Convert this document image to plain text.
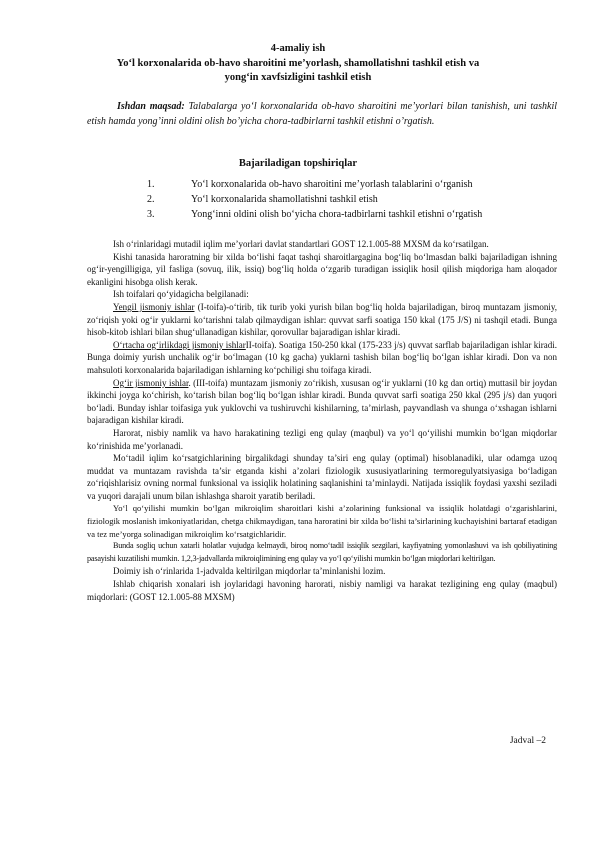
4-amaliy ish
Yo‘l korxonalarida ob-havo sharoitini me’yorlash, shamollatishni tashkil etish va
yong‘in xavfsizligini tashkil etish
Ishdan maqsad: Talabalarga yo‘l korxonalarida ob-havo sharoitini me’yorlari bilan tanishish, uni tashkil etish hamda yong’inni oldini olish bo’yicha chora-tadbirlarni tashkil etishni o’rgatish.
Bajariladigan topshiriqlar
1.	Yo‘l korxonalarida ob-havo sharoitini me’yorlash talablarini o‘rganish
2.	Yo‘l korxonalarida shamollatishni tashkil etish
3.	Yong‘inni oldini olish bo‘yicha chora-tadbirlarni tashkil etishni o‘rgatish

Ish o‘rinlaridagi mutadil iqlim me’yorlari davlat standartlari GOST 12.1.005-88 MXSM da ko‘rsatilgan.

Kishi tanasida haroratning bir xilda bo‘lishi faqat tashqi sharoitlargagina bog‘liq bo‘lmasdan balki bajariladigan ishning og‘ir-yengilligiga, yil fasliga (sovuq, ilik, issiq) bog‘liq holda o‘zgarib turadigan issiqlik hosil qilish miqdoriga ham aloqador ekanligini hisobga olish kerak.

Ish toifalari qo‘yidagicha belgilanadi:

Yengil jismoniy ishlar (I-toifa)-o‘tirib, tik turib yoki yurish bilan bog‘liq holda bajariladigan, biroq muntazam jismoniy, zo‘riqish yoki og‘ir yuklarni ko‘tarishni talab qilmaydigan ishlar: quvvat sarfi soatiga 150 kkal (175 J/S) ni tashqil etadi. Bunga hisob-kitob ishlari bilan shug‘ullanadigan kishilar, qorovullar bajaradigan ishlar kiradi.

O‘rtacha og‘irlikdagi jismoniy ishlarII-toifa). Soatiga 150-250 kkal (175-233 j/s) quvvat sarflab bajariladigan ishlar kiradi. Bunga doimiy yurish unchalik og‘ir bo‘lmagan (10 kg gacha) yuklarni tashish bilan bog‘liq bo‘lgan ishlar kiradi. Don va non mahsuloti korxonalarida bajariladigan ishlarning ko‘pchiligi shu toifaga kiradi.

Og‘ir jismoniy ishlar. (III-toifa) muntazam jismoniy zo‘rikish, xususan og‘ir yuklarni (10 kg dan ortiq) muttasil bir joydan ikkinchi joyga ko‘chirish, ko‘tarish bilan bog‘liq bo‘lgan ishlar kiradi. Bunda quvvat sarfi soatiga 250 kkal (295 j/s) dan yuqori bo‘ladi. Bunday ishlar toifasiga yuk yuklovchi va tushiruvchi kishilarning, ta’mirlash, payvandlash va shunga o‘xshagan ishlarni bajaradigan kishilar kiradi.

Harorat, nisbiy namlik va havo harakatining tezligi eng qulay (maqbul) va yo‘l qo‘yilishi mumkin bo‘lgan miqdorlar ko‘rinishida me’yorlanadi.

Mo‘tadil iqlim ko‘rsatgichlarining birgalikdagi shunday ta’siri eng qulay (optimal) hisoblanadiki, ular odamga uzoq muddat va muntazam ravishda ta’sir etganda kishi a’zolari fiziologik xususiyatlarining termoregulyatsiyasiga bo‘ladigan zo‘riqishlarisiz ovning normal funksional va issiqlik holatining saqlanishini ta’minlaydi. Natijada issiqlik foydasi yaxshi seziladi va yuqori darajali unum bilan ishlashga sharoit yaratib beriladi.

Yo‘l qo‘yilishi mumkin bo‘lgan mikroiqlim sharoitlari kishi a’zolarining funksional va issiqlik holatdagi o‘zgarishlarini, fiziologik moslanish imkoniyatlaridan, chetga chikmaydigan, tana haroratini bir xilda bo‘lishi ta’sirlarining kuchayishini bartaraf etadigan va tez me’yorga solinadigan mikroiqlim ko‘rsatgichlaridir.

Bunda sogliq uchun xatarli holatlar vujudga kelmaydi, biroq nomo‘tadil issiqlik sezgilari, kayfiyatning yomonlashuvi va ish qobiliyatining pasayishi kuzatilishi mumkin. 1,2,3-jadvallarda mikroiqlimining eng qulay va yo‘l qo‘yilishi mumkin bo‘lgan miqdorlari keltirilgan.

Doimiy ish o‘rinlarida 1-jadvalda keltirilgan miqdorlar ta’minlanishi lozim.

Ishlab chiqarish xonalari ish joylaridagi havoning harorati, nisbiy namligi va harakat tezligining eng qulay (maqbul) miqdorlari: (GOST 12.1.005-88 MXSM)

Jadval –2
